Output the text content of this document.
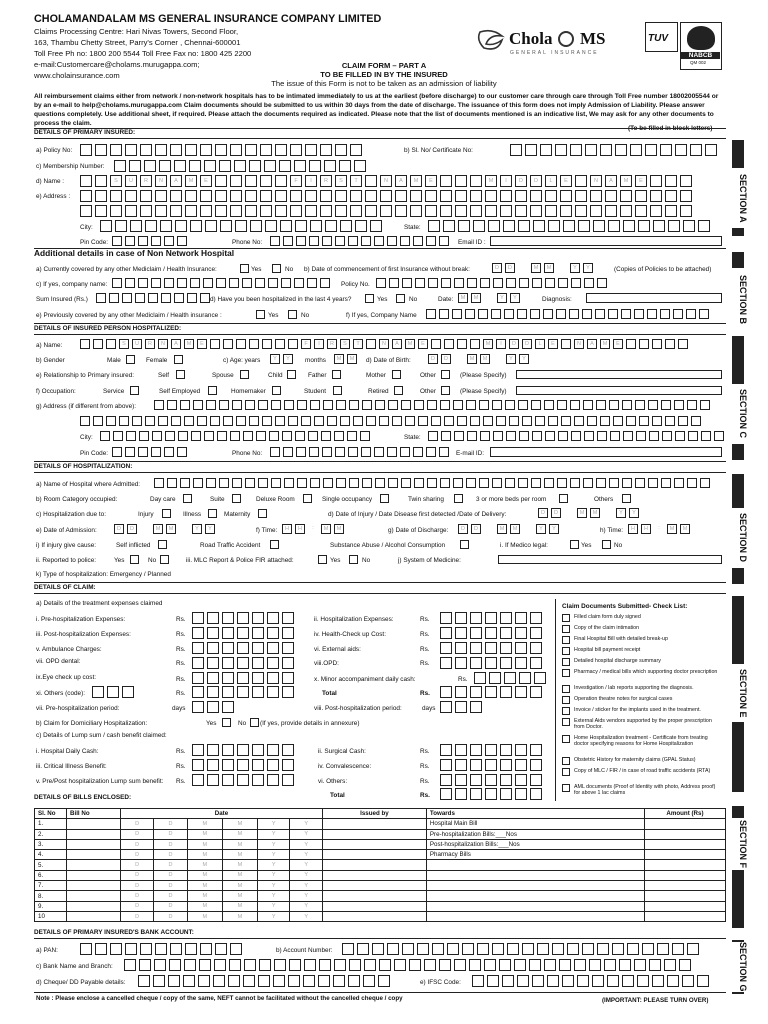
CHOLAMANDALAM MS GENERAL INSURANCE COMPANY LIMITED
Claims Processing Centre: Hari Nivas Towers, Second Floor,
163, Thambu Chetty Street, Parry's Corner , Chennai-600001
Toll Free Ph no: 1800 200 5544 Toll Free Fax no: 1800 425 2200
e-mail:Customercare@cholams.murugappa.com;
www.cholainsurance.com
Chola MS
GENERAL INSURANCE
TUV
NABCB
QM 002
CLAIM FORM – PART A
TO BE FILLED IN BY THE INSURED
The issue of this Form is not to be taken as an admission of liability
All reimbursement claims either from network / non-network hospitals has to be intimated immediately to us at the earliest (before discharge) to our customer care through care through Toll Free number 18002005544 or by an e-mail to help@cholams.murugappa.com Claim documents should be submitted to us within 30 days from the date of discharge. The issuance of this form does not imply Admission of Liability. Please answer questions completely. Use additional sheet, if required. Please attach the documents required as indicated. Please note that the list of documents mentioned is an indicative list, We may ask for any other documents to process the claim.
DETAILS OF PRIMARY INSURED:
SECTION A
a) Policy No:	b) Sl. No/ Certificate No:
c) Membership Number:
d) Name :	S	U	R	N	A	M	E	F	I	R	S	T	N	A	M	E	M	I	D	D	L	E	N	A	M	E
e) Address :
City:	State:
Pin Code:	Phone No:	Email ID :
Additional details in case of Non Network Hospital
SECTION B
a) Currently covered by any other Mediclaim / Health Insurance:	Yes	No b) Date of commencement of first Insurance without break:	D	D	M	M	Y	Y	(Copies of Policies to be attached)
c) If yes, company name:	Policy No.
Sum Insured (Rs.)	d) Have you been hospitalized in the last 4 years?	Yes	No	Date:	M	M	Y	Y	Diagnosis:
e) Previously covered by any other Mediclaim / Health insurance :	Yes	No	f) If yes, Company Name
DETAILS OF INSURED PERSON HOSPITALIZED:
SECTION C
a) Name:	S	U	R	N	A	M	E	F	I	R	S	T	N	A	M	E	M	I	D	D	L	E	N	A	M	E
b) Gender	Male	Female	c) Age: years	Y	Y	months	M	M	d) Date of Birth:	D	D	M	M	Y	Y
e) Relationship to Primary insured:	Self	Spouse	Child	Father	Mother	Other	(Please Specify)
f) Occupation:	Service	Self Employed	Homemaker	Student	Retired	Other	(Please Specify)
g) Address (if different from above):
City:	State:
Pin Code:	Phone No:	E-mail ID:
DETAILS OF HOSPITALIZATION:
SECTION D
a) Name of Hospital where Admitted:
b) Room Category occupied:	Day care	Suite	Deluxe Room	Single occupancy	Twin sharing	3 or more beds per room	Others
c) Hospitalization due to:	Injury	Illness	Maternity	d) Date of Injury / Date Disease first detected /Date of Delivery:	D	D	M	M	Y	Y
e) Date of Admission:	D	D	M	M	Y	Y	f) Time:	H	H	:	M	M	g) Date of Discharge:	D	D	M	M	Y	Y	h) Time:	H	H	:	M	M
i) If injury give cause:	Self inflicted	Road Traffic Accident	Substance Abuse / Alcohol Consumption	i. If Medico legal:	Yes	No
ii. Reported to police:	Yes	No	iii. MLC Report & Police FIR attached:	Yes	No	j) System of Medicine:
k) Type of hospitalization: Emergency / Planned
DETAILS OF CLAIM:
SECTION E
a) Details of the treatment expenses claimed
i. Pre-hospitalization Expenses:	Rs.
iii. Post-hospitalization Expenses:	Rs.
v. Ambulance Charges:	Rs.
vii. OPD dental:	Rs.
ix.Eye check up cost:	Rs.
xi. Others (code):	Rs.
vii. Pre-hospitalization period:	days
ii. Hospitalization Expenses:	Rs.
iv. Health-Check up Cost:	Rs.
vi. External aids:	Rs.
viii.OPD:	Rs.
x. Minor accompaniment daily cash:	Rs.
Total	Rs.
viii. Post-hospitalization period:	days
b) Claim for Domiciliary Hospitalization:	Yes	No (If yes, provide details in annexure)
c) Details of Lump sum / cash benefit claimed:
i. Hospital Daily Cash:	Rs.
iii. Critical Illness Benefit:	Rs.
v. Pre/Post hospitalization Lump sum benefit: Rs.
ii. Surgical Cash:	Rs.
iv. Convalescence:	Rs.
vi. Others:	Rs.
Total	Rs.
Claim Documents Submitted- Check List:
Filled claim form duly signed
Copy of the claim intimation
Final Hospital Bill with detailed break-up
Hospital bill payment receipt
Detailed hospital discharge summary
Pharmacy / medical bills which supporting doctor prescription
Investigation / lab reports supporting the diagnosis.
Operation theatre notes for surgical cases
Invoice / sticker for the implants used in the treatment.
External Aids vendors supported by the proper prescription from Doctor.
Home Hospitalization treatment - Certificate from treating doctor specifying reasons for Home Hospitalization
Obstetric History for maternity claims (GPAL Status)
Copy of MLC / FIR / in case of road traffic accidents (RTA)
AML documents (Proof of Identity with photo, Address proof) for above 1 lac claims
DETAILS OF BILLS ENCLOSED:
SECTION F
Sl. No	Bill No	Date						Issued by	Towards	Amount (Rs)
1.		D	D	M	M	Y	Y		Hospital Main Bill	
2.		D	D	M	M	Y	Y		Pre-hospitalization Bills:___Nos	
3.		D	D	M	M	Y	Y		Post-hospitalization Bills:___Nos	
4.		D	D	M	M	Y	Y		Pharmacy Bills	
5.		D	D	M	M	Y	Y			
6.		D	D	M	M	Y	Y			
7.		D	D	M	M	Y	Y			
8.		D	D	M	M	Y	Y			
9.		D	D	M	M	Y	Y			
10		D	D	M	M	Y	Y			
DETAILS OF PRIMARY INSURED'S BANK ACCOUNT:
SECTION G
a) PAN:	b) Account Number:
c) Bank Name and Branch:
d) Cheque/ DD Payable details:	e) IFSC Code:
Note : Please enclose a cancelled cheque / copy of the same, NEFT cannot be facilitated without the cancelled cheque / copy	(IMPORTANT: PLEASE TURN OVER)
